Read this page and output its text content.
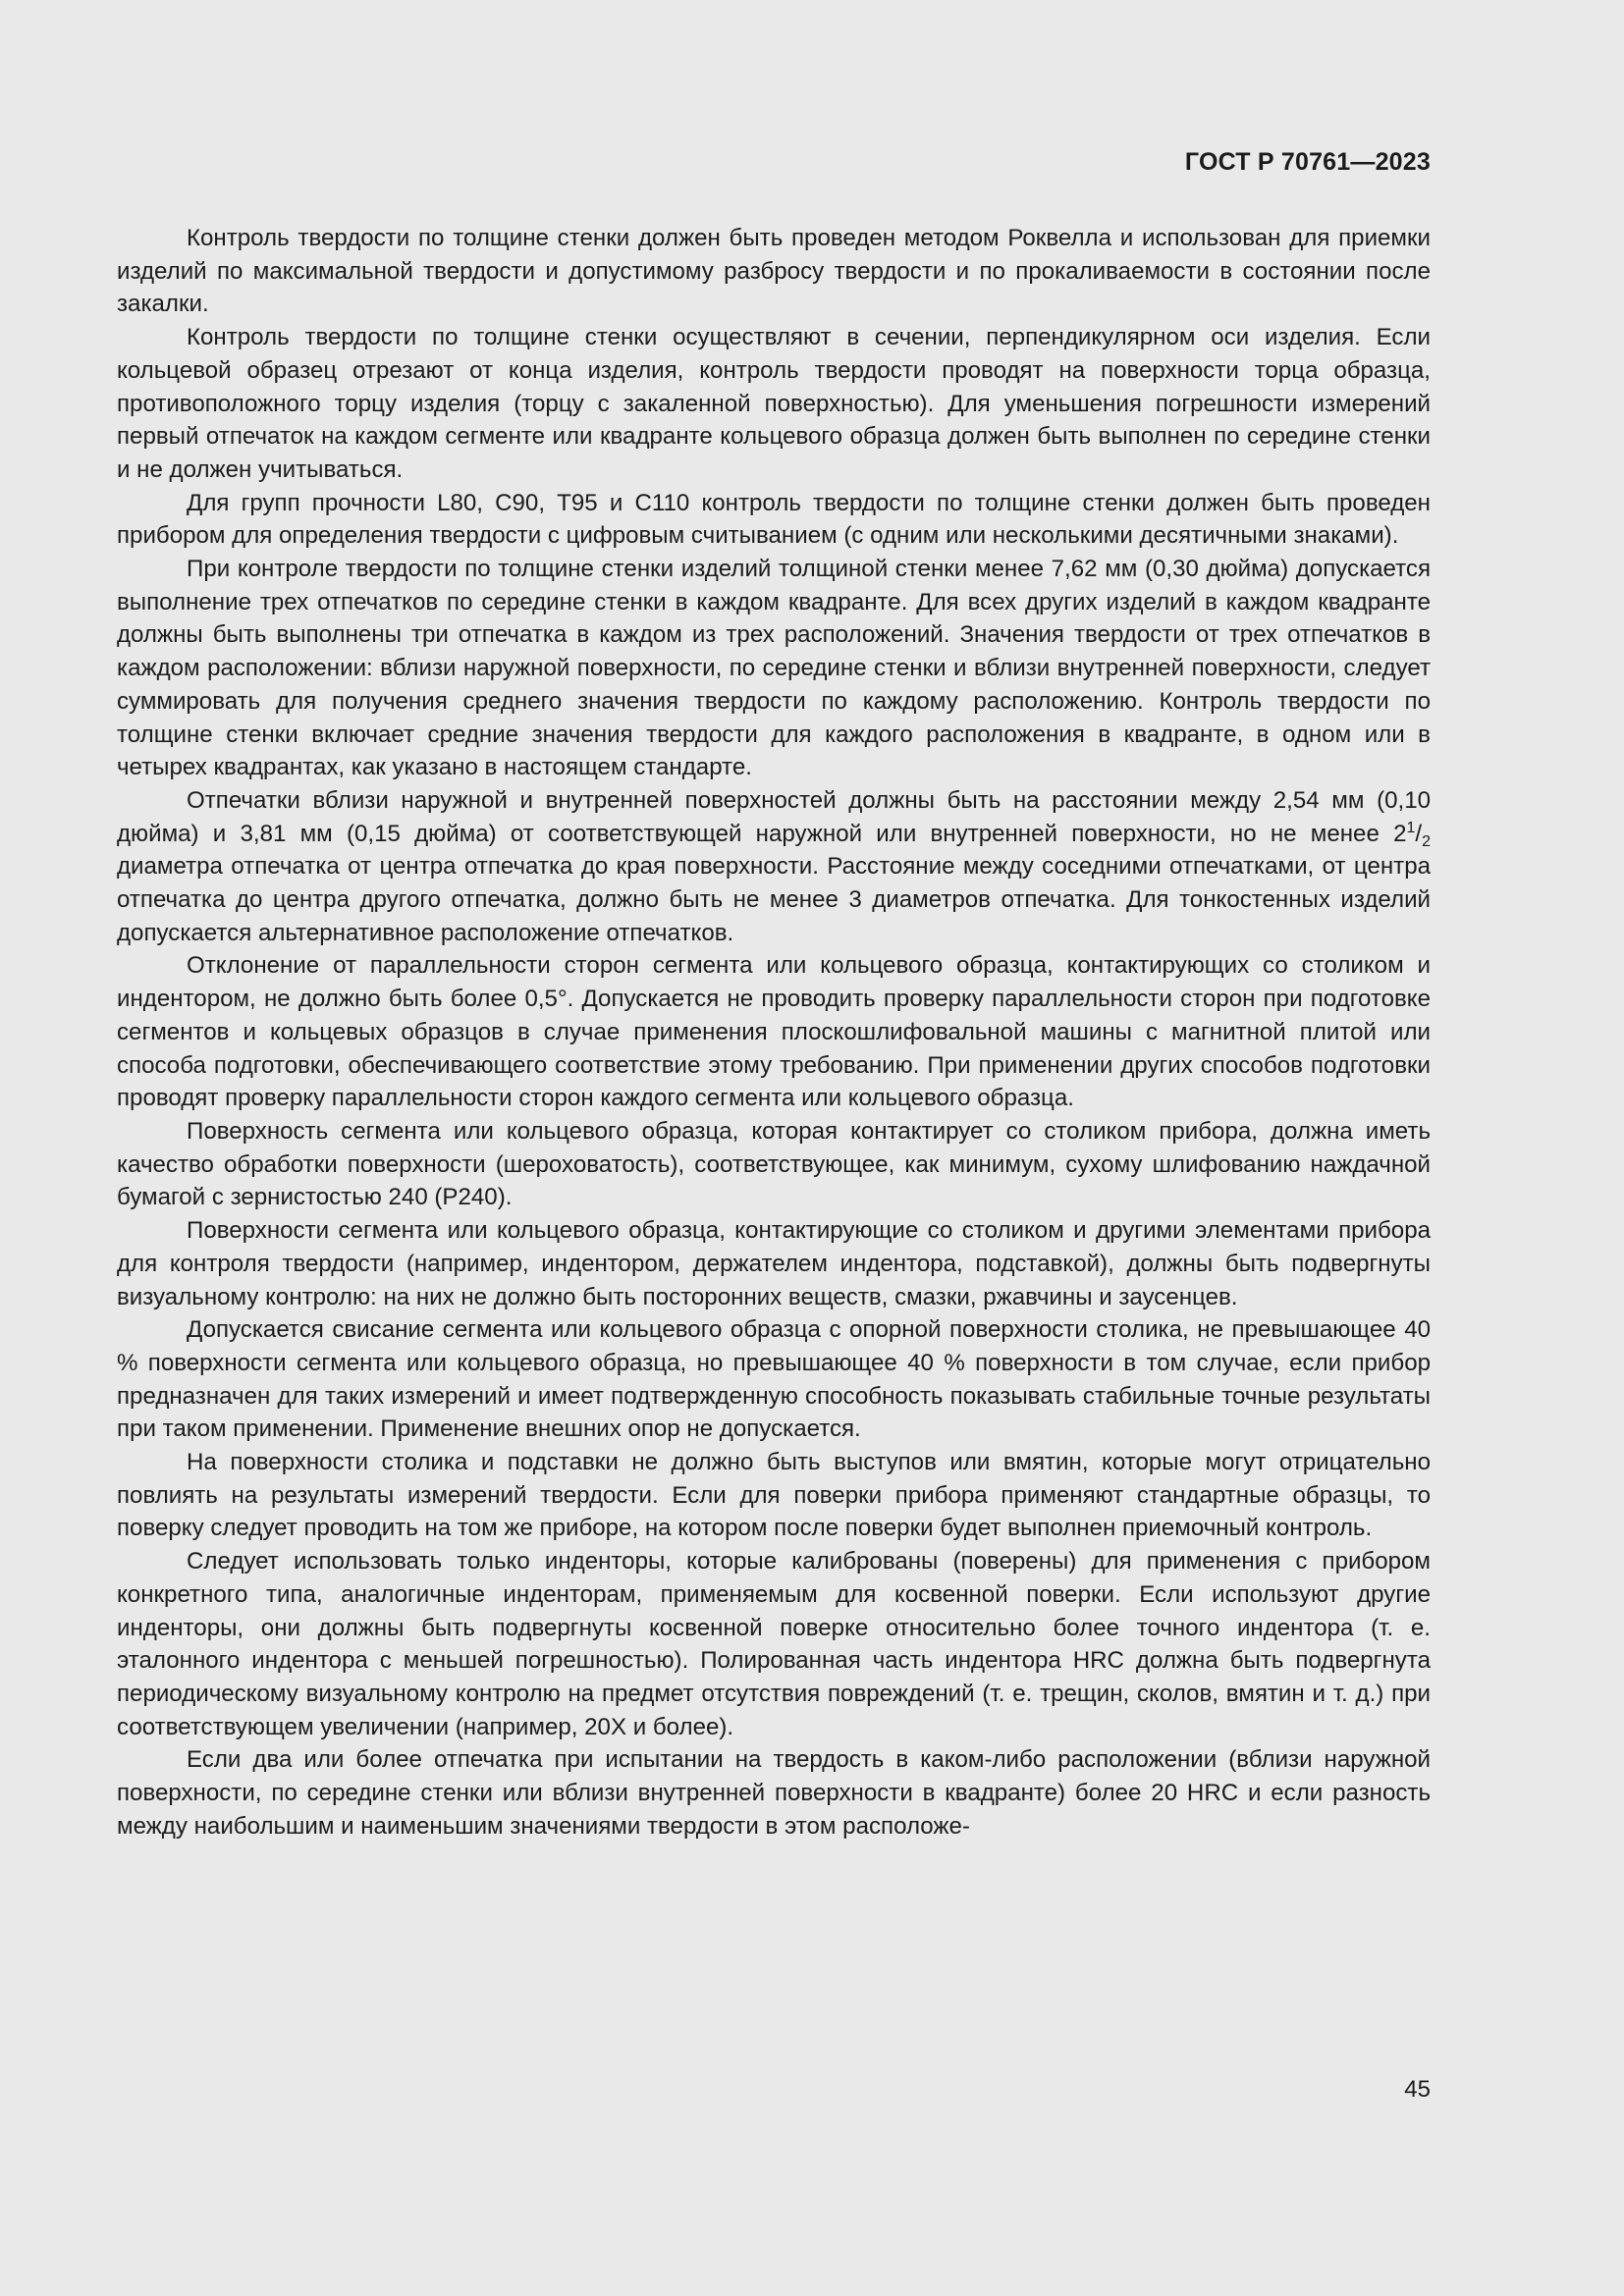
ГОСТ Р 70761—2023

Контроль твердости по толщине стенки должен быть проведен методом Роквелла и использован для приемки изделий по максимальной твердости и допустимому разбросу твердости и по прокаливаемости в состоянии после закалки.

Контроль твердости по толщине стенки осуществляют в сечении, перпендикулярном оси изделия. Если кольцевой образец отрезают от конца изделия, контроль твердости проводят на поверхности торца образца, противоположного торцу изделия (торцу с закаленной поверхностью). Для уменьшения погрешности измерений первый отпечаток на каждом сегменте или квадранте кольцевого образца должен быть выполнен по середине стенки и не должен учитываться.

Для групп прочности L80, С90, Т95 и С110 контроль твердости по толщине стенки должен быть проведен прибором для определения твердости с цифровым считыванием (с одним или несколькими десятичными знаками).

При контроле твердости по толщине стенки изделий толщиной стенки менее 7,62 мм (0,30 дюйма) допускается выполнение трех отпечатков по середине стенки в каждом квадранте. Для всех других изделий в каждом квадранте должны быть выполнены три отпечатка в каждом из трех расположений. Значения твердости от трех отпечатков в каждом расположении: вблизи наружной поверхности, по середине стенки и вблизи внутренней поверхности, следует суммировать для получения среднего значения твердости по каждому расположению. Контроль твердости по толщине стенки включает средние значения твердости для каждого расположения в квадранте, в одном или в четырех квадрантах, как указано в настоящем стандарте.

Отпечатки вблизи наружной и внутренней поверхностей должны быть на расстоянии между 2,54 мм (0,10 дюйма) и 3,81 мм (0,15 дюйма) от соответствующей наружной или внутренней поверхности, но не менее $2^1/_2$ диаметра отпечатка от центра отпечатка до края поверхности. Расстояние между соседними отпечатками, от центра отпечатка до центра другого отпечатка, должно быть не менее 3 диаметров отпечатка. Для тонкостенных изделий допускается альтернативное расположение отпечатков.

Отклонение от параллельности сторон сегмента или кольцевого образца, контактирующих со столиком и индентором, не должно быть более 0,5°. Допускается не проводить проверку параллельности сторон при подготовке сегментов и кольцевых образцов в случае применения плоскошлифовальной машины с магнитной плитой или способа подготовки, обеспечивающего соответствие этому требованию. При применении других способов подготовки проводят проверку параллельности сторон каждого сегмента или кольцевого образца.

Поверхность сегмента или кольцевого образца, которая контактирует со столиком прибора, должна иметь качество обработки поверхности (шероховатость), соответствующее, как минимум, сухому шлифованию наждачной бумагой с зернистостью 240 (Р240).

Поверхности сегмента или кольцевого образца, контактирующие со столиком и другими элементами прибора для контроля твердости (например, индентором, держателем индентора, подставкой), должны быть подвергнуты визуальному контролю: на них не должно быть посторонних веществ, смазки, ржавчины и заусенцев.

Допускается свисание сегмента или кольцевого образца с опорной поверхности столика, не превышающее 40 % поверхности сегмента или кольцевого образца, но превышающее 40 % поверхности в том случае, если прибор предназначен для таких измерений и имеет подтвержденную способность показывать стабильные точные результаты при таком применении. Применение внешних опор не допускается.

На поверхности столика и подставки не должно быть выступов или вмятин, которые могут отрицательно повлиять на результаты измерений твердости. Если для поверки прибора применяют стандартные образцы, то поверку следует проводить на том же приборе, на котором после поверки будет выполнен приемочный контроль.

Следует использовать только инденторы, которые калиброваны (поверены) для применения с прибором конкретного типа, аналогичные инденторам, применяемым для косвенной поверки. Если используют другие инденторы, они должны быть подвергнуты косвенной поверке относительно более точного индентора (т. е. эталонного индентора с меньшей погрешностью). Полированная часть индентора HRC должна быть подвергнута периодическому визуальному контролю на предмет отсутствия повреждений (т. е. трещин, сколов, вмятин и т. д.) при соответствующем увеличении (например, 20X и более).

Если два или более отпечатка при испытании на твердость в каком-либо расположении (вблизи наружной поверхности, по середине стенки или вблизи внутренней поверхности в квадранте) более 20 HRC и если разность между наибольшим и наименьшим значениями твердости в этом расположе-

45
